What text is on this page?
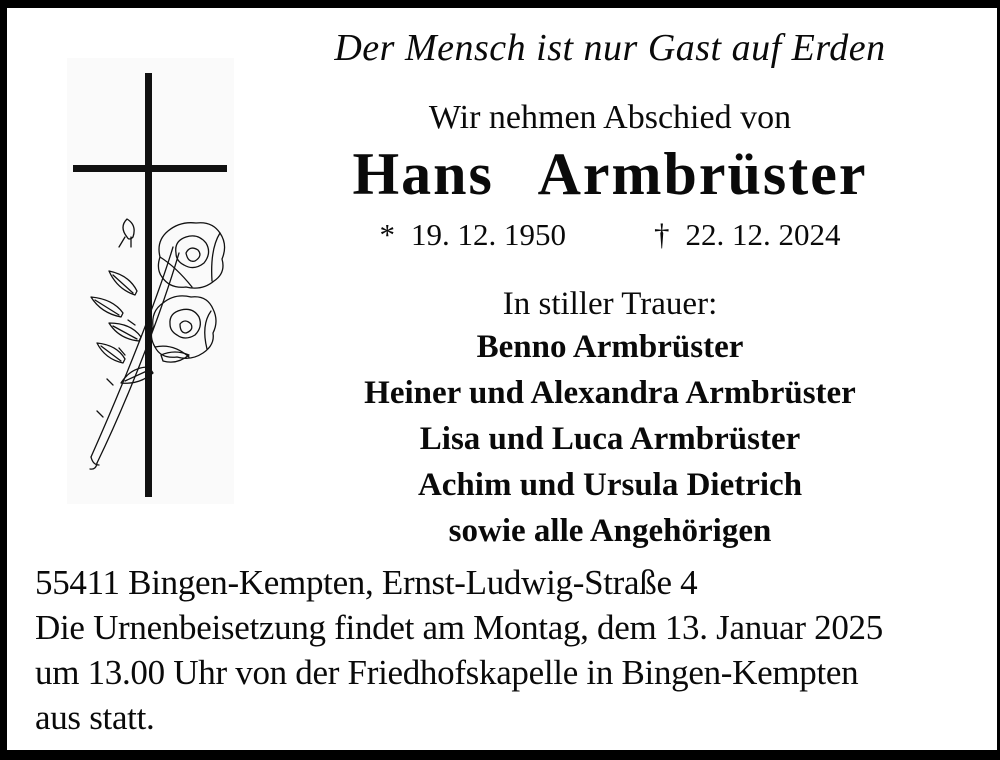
Der Mensch ist nur Gast auf Erden
Wir nehmen Abschied von
Hans Armbrüster
* 19. 12. 1950	† 22. 12. 2024
In stiller Trauer:
Benno Armbrüster
Heiner und Alexandra Armbrüster
Lisa und Luca Armbrüster
Achim und Ursula Dietrich
sowie alle Angehörigen
55411 Bingen-Kempten, Ernst-Ludwig-Straße 4
Die Urnenbeisetzung findet am Montag, dem 13. Januar 2025
um 13.00 Uhr von der Friedhofskapelle in Bingen-Kempten
aus statt.
